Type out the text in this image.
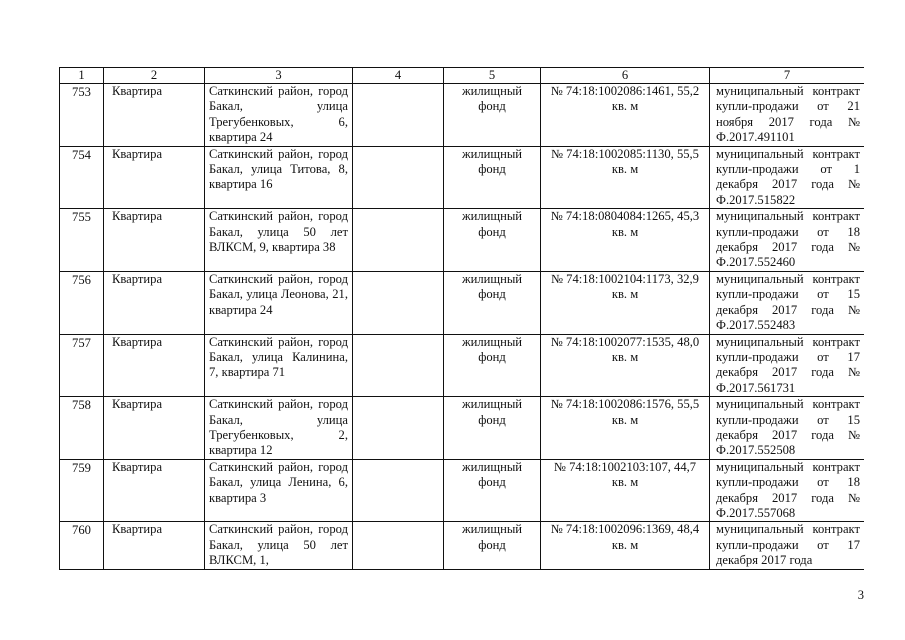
1	2	3	4	5	6	7
753	Квартира	Саткинский район, город Бакал, улица Трегубенковых, 6, квартира 24		жилищный фонд	№ 74:18:1002086:1461, 55,2 кв. м	муниципальный контракт купли-продажи от 21 ноября 2017 года № Ф.2017.491101
754	Квартира	Саткинский район, город Бакал, улица Титова, 8, квартира 16		жилищный фонд	№ 74:18:1002085:1130, 55,5 кв. м	муниципальный контракт купли-продажи от 1 декабря 2017 года № Ф.2017.515822
755	Квартира	Саткинский район, город Бакал, улица 50 лет ВЛКСМ, 9, квартира 38		жилищный фонд	№ 74:18:0804084:1265, 45,3 кв. м	муниципальный контракт купли-продажи от 18 декабря 2017 года № Ф.2017.552460
756	Квартира	Саткинский район, город Бакал, улица Леонова, 21, квартира 24		жилищный фонд	№ 74:18:1002104:1173, 32,9 кв. м	муниципальный контракт купли-продажи от 15 декабря 2017 года № Ф.2017.552483
757	Квартира	Саткинский район, город Бакал, улица Калинина, 7, квартира 71		жилищный фонд	№ 74:18:1002077:1535, 48,0 кв. м	муниципальный контракт купли-продажи от 17 декабря 2017 года № Ф.2017.561731
758	Квартира	Саткинский район, город Бакал, улица Трегубенковых, 2, квартира 12		жилищный фонд	№ 74:18:1002086:1576, 55,5 кв. м	муниципальный контракт купли-продажи от 15 декабря 2017 года № Ф.2017.552508
759	Квартира	Саткинский район, город Бакал, улица Ленина, 6, квартира 3		жилищный фонд	№ 74:18:1002103:107, 44,7 кв. м	муниципальный контракт купли-продажи от 18 декабря 2017 года № Ф.2017.557068
760	Квартира	Саткинский район, город Бакал, улица 50 лет ВЛКСМ, 1,		жилищный фонд	№ 74:18:1002096:1369, 48,4 кв. м	муниципальный контракт купли-продажи от 17 декабря 2017 года
3
